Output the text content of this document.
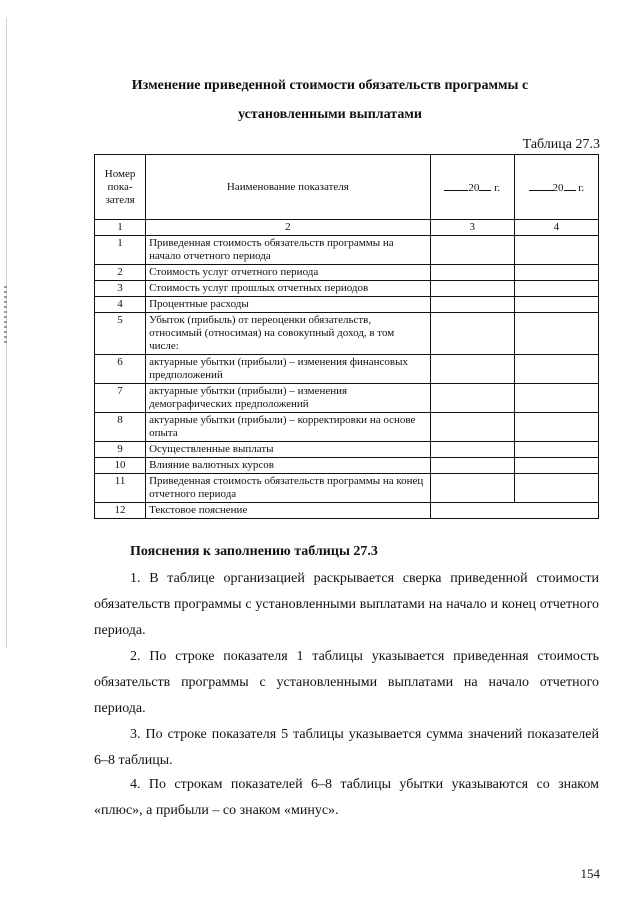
Изменение приведенной стоимости обязательств программы с
установленными выплатами
Таблица 27.3
Номер
пока-
зателя	Наименование показателя	20 г.	20 г.
1	2	3	4
1	Приведенная стоимость обязательств программы на начало отчетного периода		
2	Стоимость услуг отчетного периода		
3	Стоимость услуг прошлых отчетных периодов		
4	Процентные расходы		
5	Убыток (прибыль) от переоценки обязательств, относимый (относимая) на совокупный доход, в том числе:		
6	актуарные убытки (прибыли) – изменения финансовых предположений		
7	актуарные убытки (прибыли) – изменения демографических предположений		
8	актуарные убытки (прибыли) – корректировки на основе опыта		
9	Осуществленные выплаты		
10	Влияние валютных курсов		
11	Приведенная стоимость обязательств программы на конец отчетного периода		
12	Текстовое пояснение		
Пояснения к заполнению таблицы 27.3
1. В таблице организацией раскрывается сверка приведенной стоимости обязательств программы с установленными выплатами на начало и конец отчетного периода.
2. По строке показателя 1 таблицы указывается приведенная стоимость обязательств программы с установленными выплатами на начало отчетного периода.
3. По строке показателя 5 таблицы указывается сумма значений показателей 6–8 таблицы.
4. По строкам показателей 6–8 таблицы убытки указываются со знаком «плюс», а прибыли – со знаком «минус».
154
